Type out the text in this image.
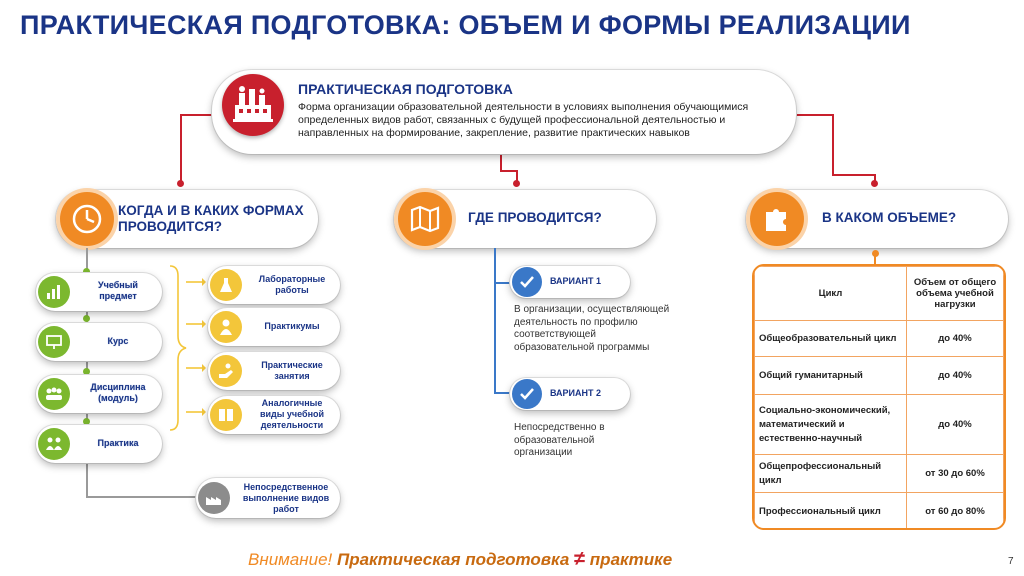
ПРАКТИЧЕСКАЯ ПОДГОТОВКА: ОБЪЕМ И ФОРМЫ РЕАЛИЗАЦИИ
ПРАКТИЧЕСКАЯ ПОДГОТОВКА
Форма организации образовательной деятельности в условиях выполнения обучающимися определенных видов работ, связанных с будущей профессиональной деятельностью и направленных на формирование, закрепление, развитие практических навыков
КОГДА И В КАКИХ ФОРМАХ ПРОВОДИТСЯ?
ГДЕ ПРОВОДИТСЯ?	В КАКОМ ОБЪЕМЕ?
Учебный предмет
Курс
Дисциплина (модуль)
Практика
Лабораторные работы
Практикумы
Практические занятия
Аналогичные виды учебной деятельности
Непосредственное выполнение видов работ
ВАРИАНТ 1
В организации, осуществляющей деятельность по профилю соответствующей образовательной программы
ВАРИАНТ 2
Непосредственно в образовательной организации
Цикл	Объем от общего объема учебной нагрузки
Общеобразовательный цикл	до 40%
Общий гуманитарный	до 40%
Социально-экономический, математический и естественно-научный	до 40%
Общепрофессиональный цикл	от 30 до 60%
Профессиональный цикл	от 60 до 80%
Внимание! Практическая подготовка ≠ практике	7
